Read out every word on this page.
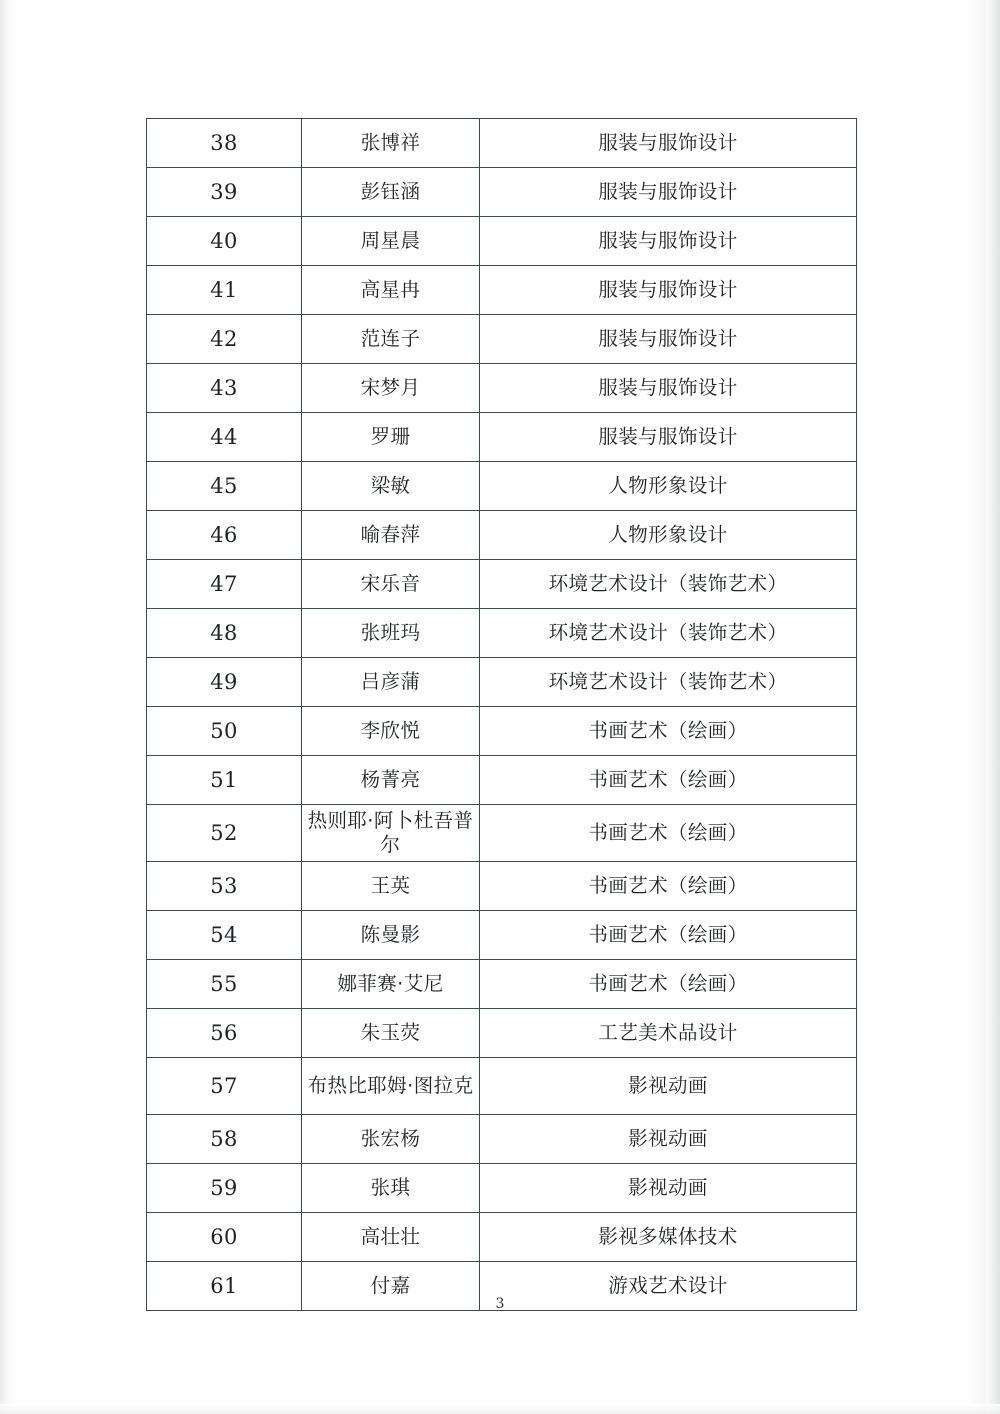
38	张博祥	服装与服饰设计
39	彭钰涵	服装与服饰设计
40	周星晨	服装与服饰设计
41	高星冉	服装与服饰设计
42	范连子	服装与服饰设计
43	宋梦月	服装与服饰设计
44	罗珊	服装与服饰设计
45	梁敏	人物形象设计
46	喻春萍	人物形象设计
47	宋乐音	环境艺术设计（装饰艺术）
48	张班玛	环境艺术设计（装饰艺术）
49	吕彦蒲	环境艺术设计（装饰艺术）
50	李欣悦	书画艺术（绘画）
51	杨菁亮	书画艺术（绘画）
52	热则耶·阿卜杜吾普尔	书画艺术（绘画）
53	王英	书画艺术（绘画）
54	陈曼影	书画艺术（绘画）
55	娜菲赛·艾尼	书画艺术（绘画）
56	朱玉荧	工艺美术品设计
57	布热比耶姆·图拉克	影视动画
58	张宏杨	影视动画
59	张琪	影视动画
60	高壮壮	影视多媒体技术
61	付嘉	游戏艺术设计
3
